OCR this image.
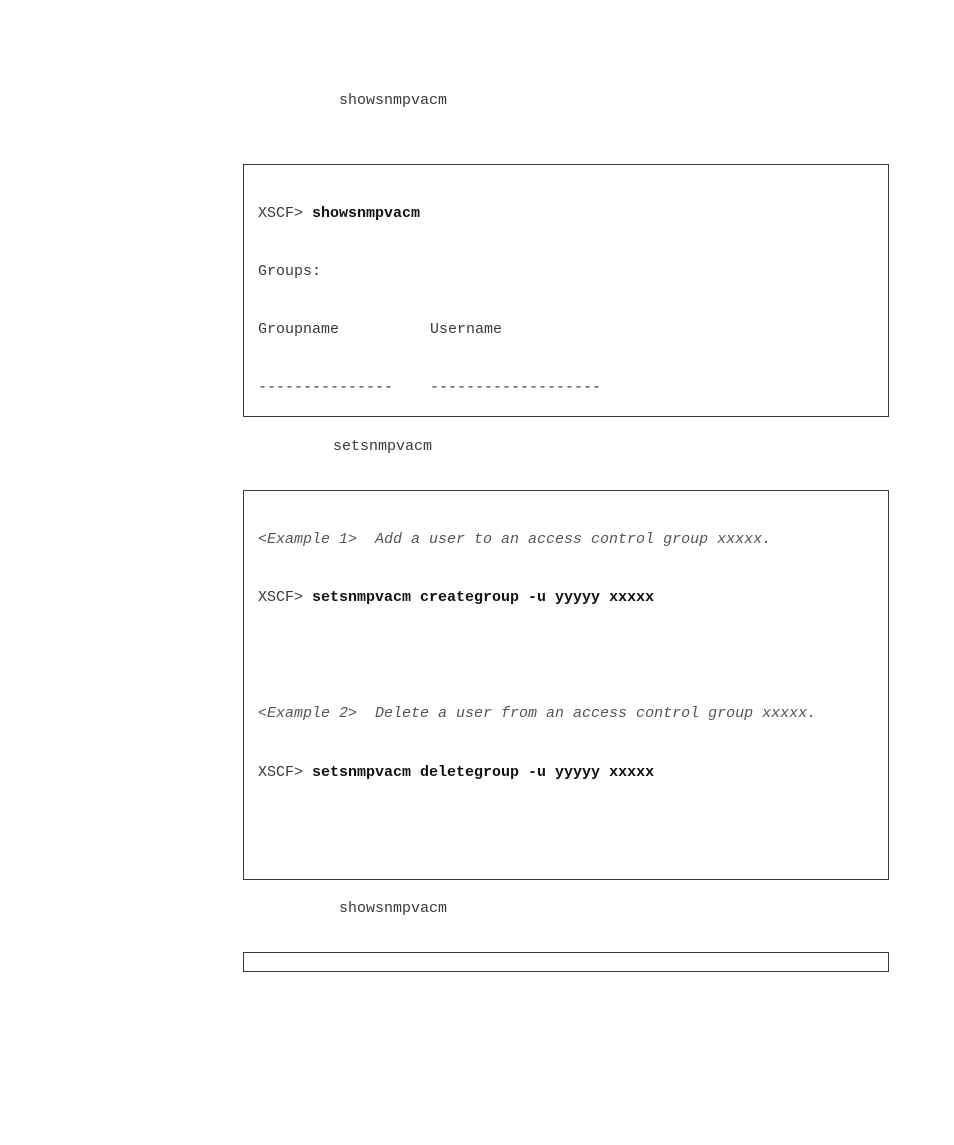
showsnmpvacm

XSCF> showsnmpvacm

Groups:

Groupname	Username

--------------- -------------------

setsnmpvacm

<Example 1>  Add a user to an access control group xxxxx.

XSCF> setsnmpvacm creategroup -u yyyyy xxxxx

<Example 2>  Delete a user from an access control group xxxxx.

XSCF> setsnmpvacm deletegroup -u yyyyy xxxxx

showsnmpvacm
